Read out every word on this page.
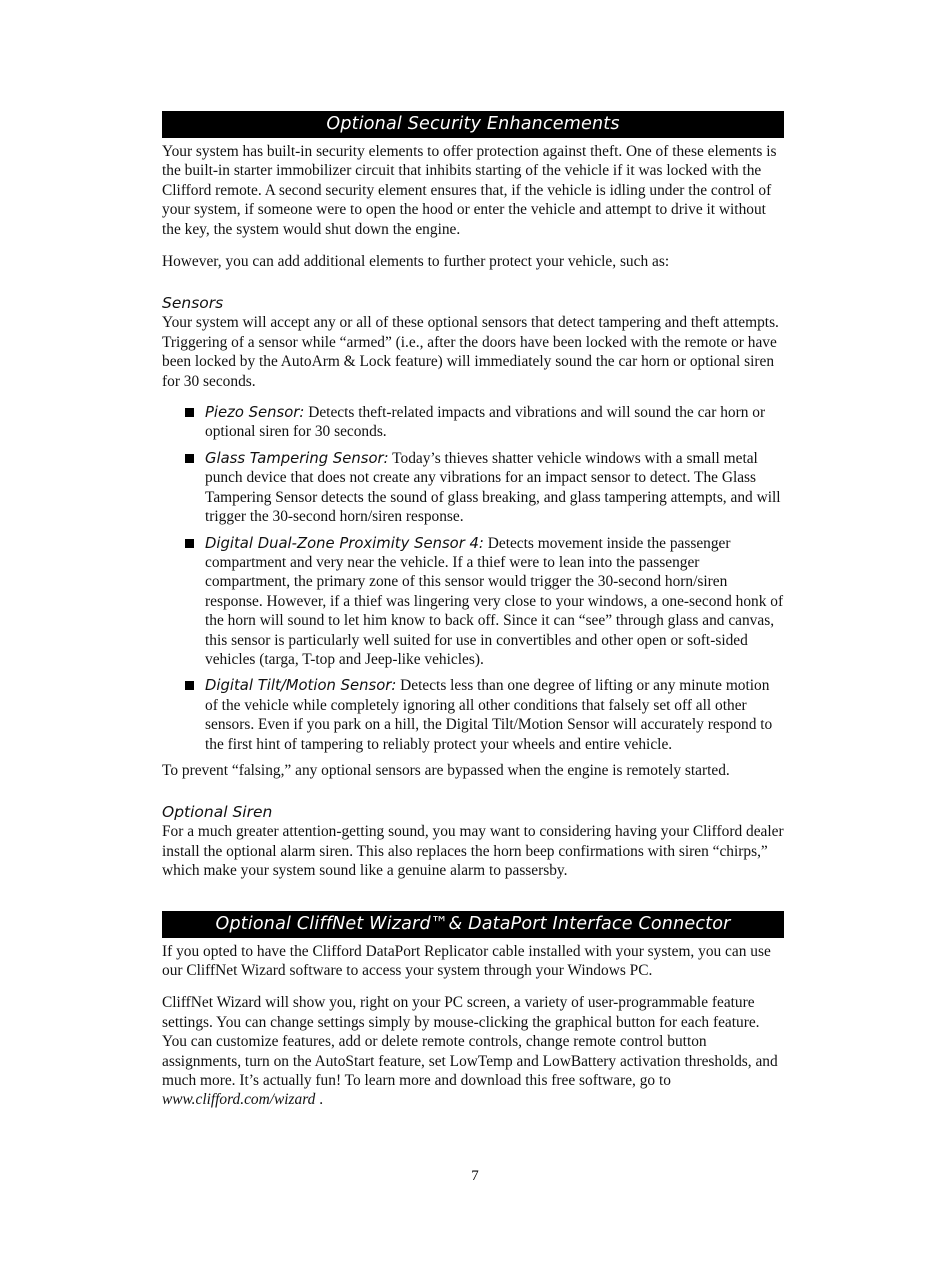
Optional Security Enhancements

Your system has built-in security elements to offer protection against theft. One of these elements is the built-in starter immobilizer circuit that inhibits starting of the vehicle if it was locked with the Clifford remote. A second security element ensures that, if the vehicle is idling under the control of your system, if someone were to open the hood or enter the vehicle and attempt to drive it without the key, the system would shut down the engine.

However, you can add additional elements to further protect your vehicle, such as:

Sensors

Your system will accept any or all of these optional sensors that detect tampering and theft attempts. Triggering of a sensor while “armed” (i.e., after the doors have been locked with the remote or have been locked by the AutoArm & Lock feature) will immediately sound the car horn or optional siren for 30 seconds.

Piezo Sensor: Detects theft-related impacts and vibrations and will sound the car horn or optional siren for 30 seconds.
Glass Tampering Sensor: Today’s thieves shatter vehicle windows with a small metal punch device that does not create any vibrations for an impact sensor to detect. The Glass Tampering Sensor detects the sound of glass breaking, and glass tampering attempts, and will trigger the 30-second horn/siren response.
Digital Dual-Zone Proximity Sensor 4: Detects movement inside the passenger compartment and very near the vehicle. If a thief were to lean into the passenger compartment, the primary zone of this sensor would trigger the 30-second horn/siren response. However, if a thief was lingering very close to your windows, a one-second honk of the horn will sound to let him know to back off. Since it can “see” through glass and canvas, this sensor is particularly well suited for use in convertibles and other open or soft-sided vehicles (targa, T-top and Jeep-like vehicles).
Digital Tilt/Motion Sensor: Detects less than one degree of lifting or any minute motion of the vehicle while completely ignoring all other conditions that falsely set off all other sensors. Even if you park on a hill, the Digital Tilt/Motion Sensor will accurately respond to the first hint of tampering to reliably protect your wheels and entire vehicle.

To prevent “falsing,” any optional sensors are bypassed when the engine is remotely started.

Optional Siren

For a much greater attention-getting sound, you may want to considering having your Clifford dealer install the optional alarm siren. This also replaces the horn beep confirmations with siren “chirps,” which make your system sound like a genuine alarm to passersby.

Optional CliffNet Wizard™& DataPort Interface Connector

If you opted to have the Clifford DataPort Replicator cable installed with your system, you can use our CliffNet Wizard software to access your system through your Windows PC.

CliffNet Wizard will show you, right on your PC screen, a variety of user-programmable feature settings. You can change settings simply by mouse-clicking the graphical button for each feature. You can customize features, add or delete remote controls, change remote control button assignments, turn on the AutoStart feature, set LowTemp and LowBattery activation thresholds, and much more. It’s actually fun! To learn more and download this free software, go to www.clifford.com/wizard .

7
